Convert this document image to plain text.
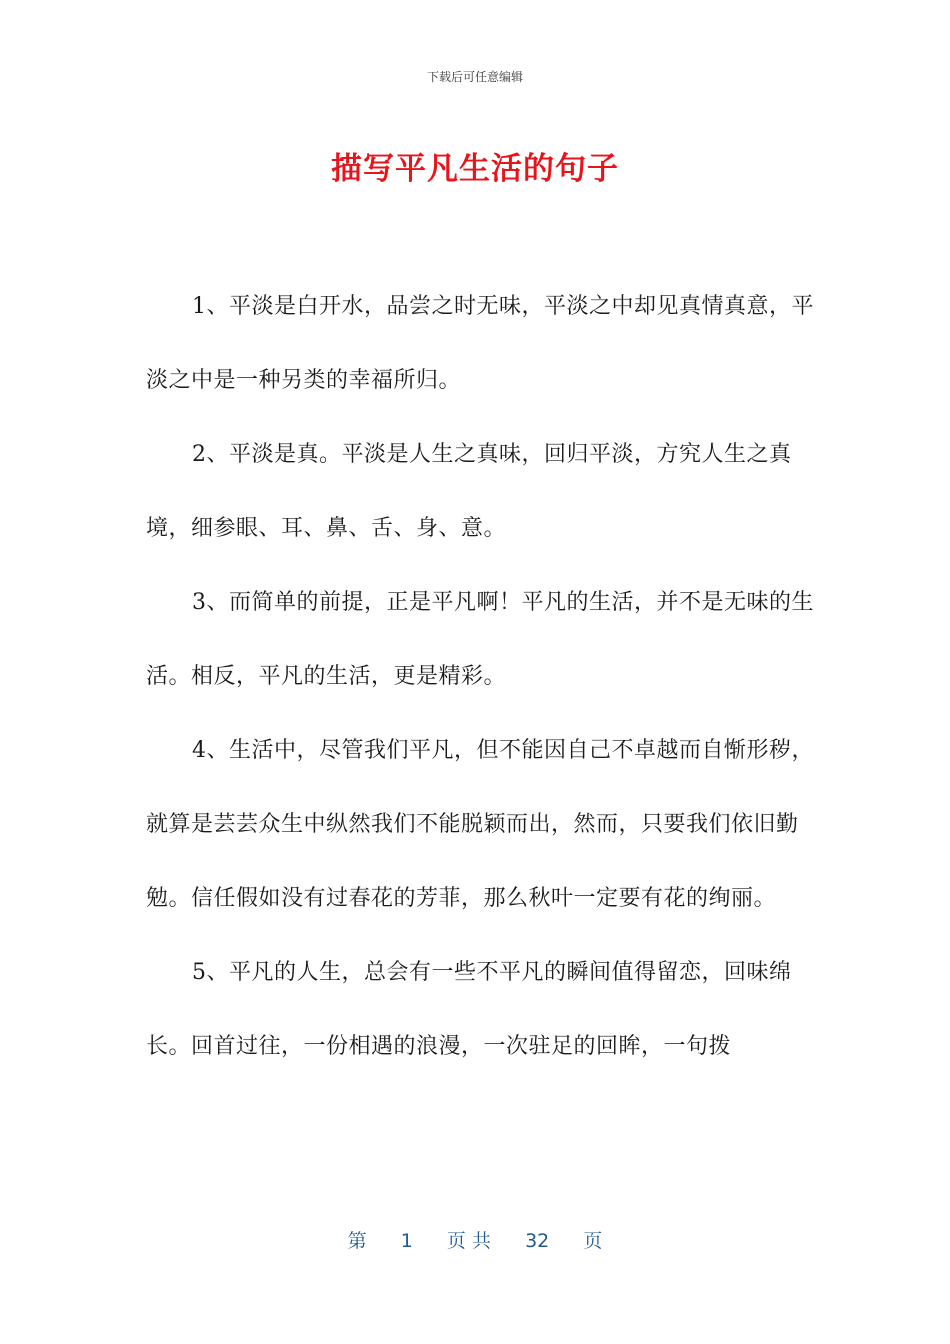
下载后可任意编辑
描写平凡生活的句子

1、平淡是白开水，品尝之时无味，平淡之中却见真情真意，平淡之中是一种另类的幸福所归。

2、平淡是真。平淡是人生之真味，回归平淡，方究人生之真境，细参眼、耳、鼻、舌、身、意。

3、而简单的前提，正是平凡啊！平凡的生活，并不是无味的生活。相反，平凡的生活，更是精彩。

4、生活中，尽管我们平凡，但不能因自己不卓越而自惭形秽，就算是芸芸众生中纵然我们不能脱颖而出，然而，只要我们依旧勤勉。信任假如没有过春花的芳菲，那么秋叶一定要有花的绚丽。

5、平凡的人生，总会有一些不平凡的瞬间值得留恋，回味绵长。回首过往，一份相遇的浪漫，一次驻足的回眸，一句拨

第 1 页 共 32 页
